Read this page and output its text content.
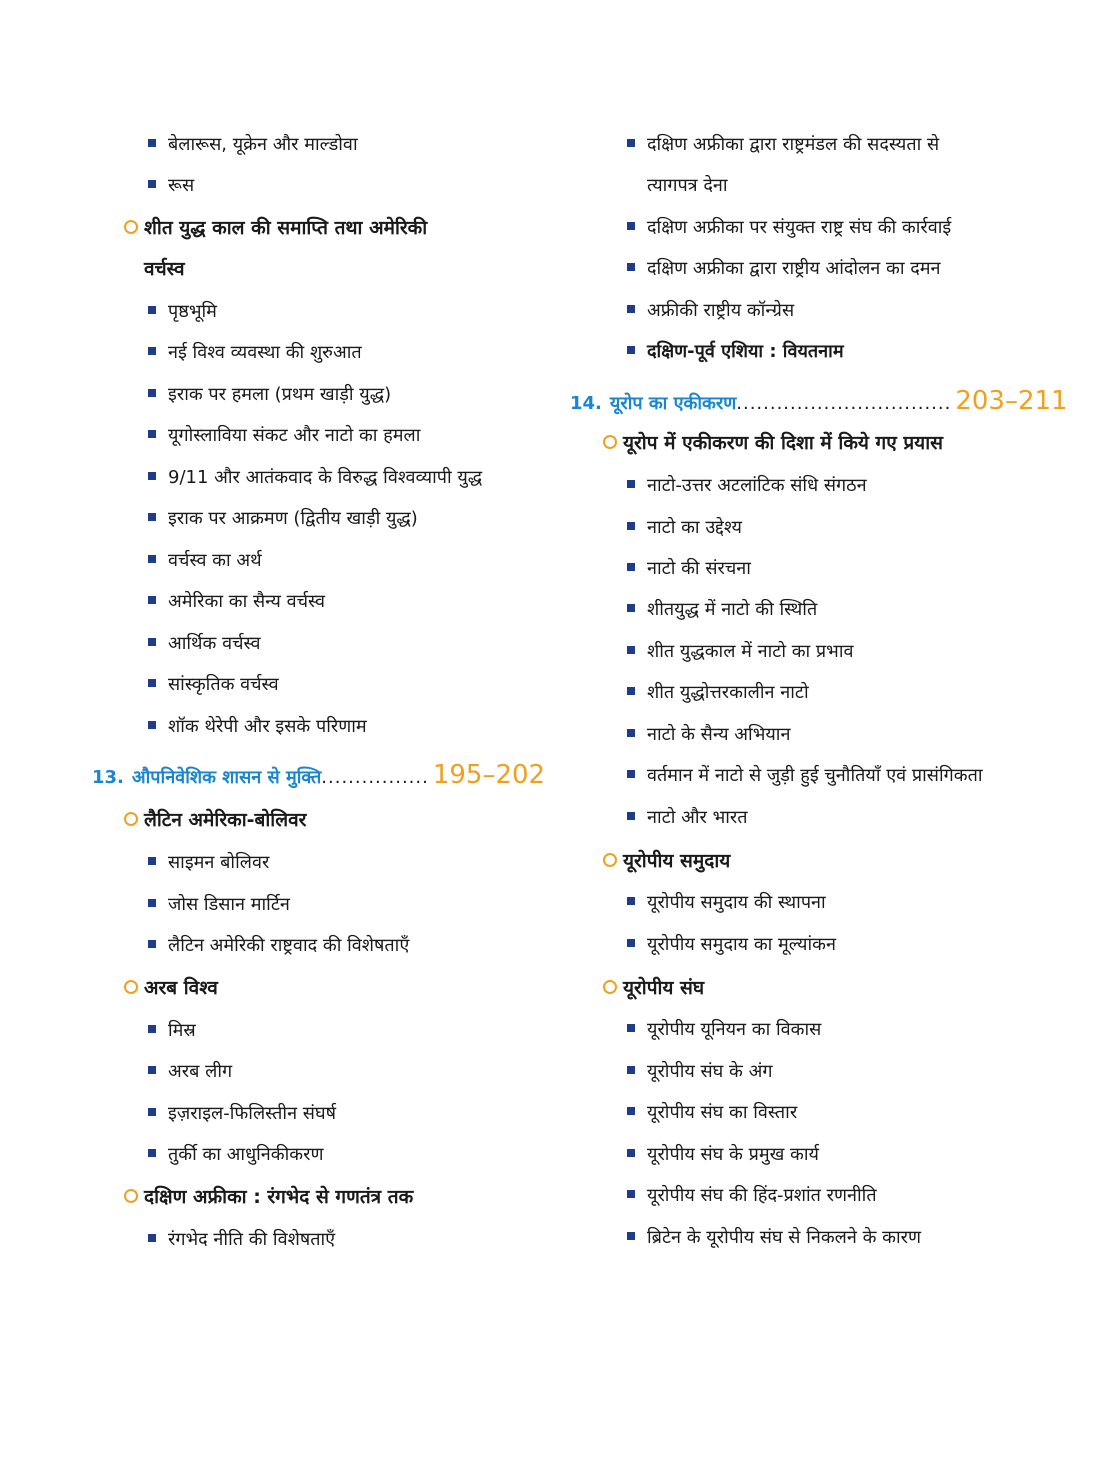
बेलारूस, यूक्रेन और माल्डोवा
रूस
शीत युद्ध काल की समाप्ति तथा अमेरिकी
वर्चस्व
पृष्ठभूमि
नई विश्व व्यवस्था की शुरुआत
इराक पर हमला (प्रथम खाड़ी युद्ध)
यूगोस्लाविया संकट और नाटो का हमला
9/11 और आतंकवाद के विरुद्ध विश्वव्यापी युद्ध
इराक पर आक्रमण (द्वितीय खाड़ी युद्ध)
वर्चस्व का अर्थ
अमेरिका का सैन्य वर्चस्व
आर्थिक वर्चस्व
सांस्कृतिक वर्चस्व
शॉक थेरेपी और इसके परिणाम
13. औपनिवेशिक शासन से मुक्ति................ 195–202
लैटिन अमेरिका-बोलिवर
साइमन बोलिवर
जोस डिसान मार्टिन
लैटिन अमेरिकी राष्ट्रवाद की विशेषताएँ
अरब विश्व
मिस्र
अरब लीग
इज़राइल-फिलिस्तीन संघर्ष
तुर्की का आधुनिकीकरण
दक्षिण अफ्रीका : रंगभेद से गणतंत्र तक
रंगभेद नीति की विशेषताएँ
दक्षिण अफ्रीका द्वारा राष्ट्रमंडल की सदस्यता से
त्यागपत्र देना
दक्षिण अफ्रीका पर संयुक्त राष्ट्र संघ की कार्रवाई
दक्षिण अफ्रीका द्वारा राष्ट्रीय आंदोलन का दमन
अफ्रीकी राष्ट्रीय कॉन्ग्रेस
दक्षिण-पूर्व एशिया : वियतनाम
14. यूरोप का एकीकरण................................ 203–211
यूरोप में एकीकरण की दिशा में किये गए प्रयास
नाटो-उत्तर अटलांटिक संधि संगठन
नाटो का उद्देश्य
नाटो की संरचना
शीतयुद्ध में नाटो की स्थिति
शीत युद्धकाल में नाटो का प्रभाव
शीत युद्धोत्तरकालीन नाटो
नाटो के सैन्य अभियान
वर्तमान में नाटो से जुड़ी हुई चुनौतियाँ एवं प्रासंगिकता
नाटो और भारत
यूरोपीय समुदाय
यूरोपीय समुदाय की स्थापना
यूरोपीय समुदाय का मूल्यांकन
यूरोपीय संघ
यूरोपीय यूनियन का विकास
यूरोपीय संघ के अंग
यूरोपीय संघ का विस्तार
यूरोपीय संघ के प्रमुख कार्य
यूरोपीय संघ की हिंद-प्रशांत रणनीति
ब्रिटेन के यूरोपीय संघ से निकलने के कारण
